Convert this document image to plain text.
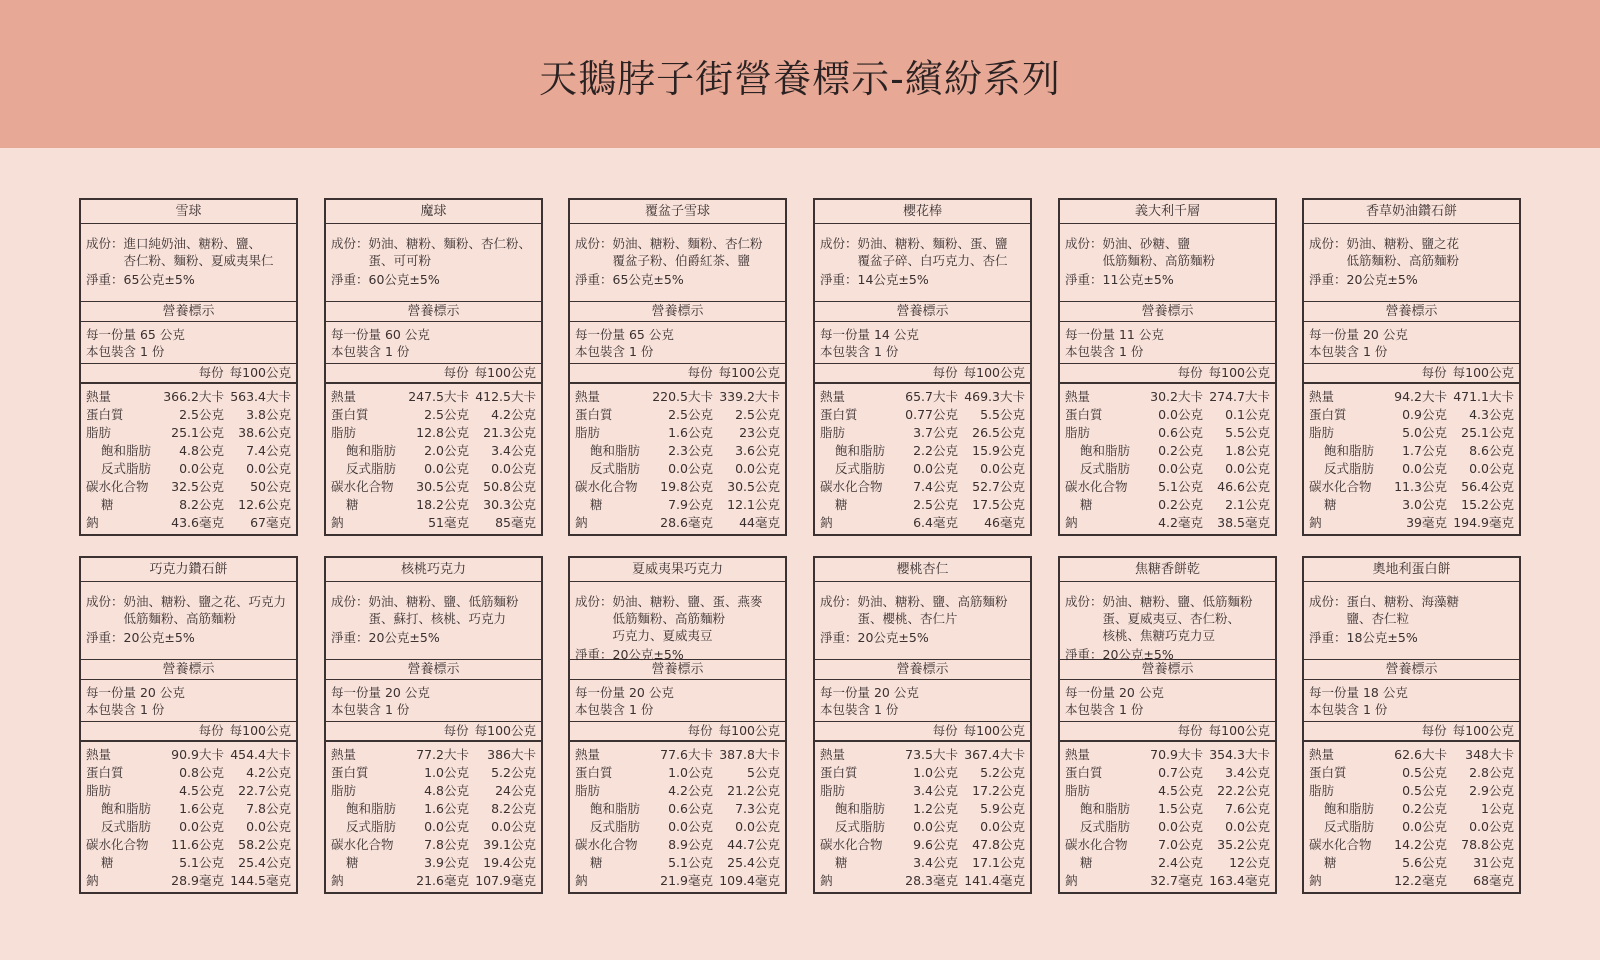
天鵝脖子街營養標示-繽紛系列
雪球
成份：進口純奶油、糖粉、鹽、
　　　杏仁粉、麵粉、夏威夷果仁
淨重：65公克±5%
營養標示
每一份量 65 公克
本包裝含 1 份
每份 每100公克
熱量	366.2大卡 563.4大卡
蛋白質	2.5公克	3.8公克
脂肪	25.1公克	38.6公克
飽和脂肪	4.8公克	7.4公克
反式脂肪	0.0公克	0.0公克
碳水化合物	32.5公克	50公克
糖	8.2公克	12.6公克
鈉	43.6毫克	67毫克
魔球
成份：奶油、糖粉、麵粉、杏仁粉、
　　　蛋、可可粉
淨重：60公克±5%
營養標示
每一份量 60 公克
本包裝含 1 份
每份 每100公克
熱量	247.5大卡 412.5大卡
蛋白質	2.5公克	4.2公克
脂肪	12.8公克	21.3公克
飽和脂肪	2.0公克	3.4公克
反式脂肪	0.0公克	0.0公克
碳水化合物	30.5公克	50.8公克
糖	18.2公克	30.3公克
鈉	51毫克	85毫克
覆盆子雪球
成份：奶油、糖粉、麵粉、杏仁粉
　　　覆盆子粉、伯爵紅茶、鹽
淨重：65公克±5%
營養標示
每一份量 65 公克
本包裝含 1 份
每份 每100公克
熱量	220.5大卡 339.2大卡
蛋白質	2.5公克	2.5公克
脂肪	1.6公克	23公克
飽和脂肪	2.3公克	3.6公克
反式脂肪	0.0公克	0.0公克
碳水化合物	19.8公克	30.5公克
糖	7.9公克	12.1公克
鈉	28.6毫克	44毫克
櫻花棒
成份：奶油、糖粉、麵粉、蛋、鹽
　　　覆盆子碎、白巧克力、杏仁
淨重：14公克±5%
營養標示
每一份量 14 公克
本包裝含 1 份
每份 每100公克
熱量	65.7大卡 469.3大卡
蛋白質	0.77公克	5.5公克
脂肪	3.7公克	26.5公克
飽和脂肪	2.2公克	15.9公克
反式脂肪	0.0公克	0.0公克
碳水化合物	7.4公克	52.7公克
糖	2.5公克	17.5公克
鈉	6.4毫克	46毫克
義大利千層
成份：奶油、砂糖、鹽
　　　低筋麵粉、高筋麵粉
淨重：11公克±5%
營養標示
每一份量 11 公克
本包裝含 1 份
每份 每100公克
熱量	30.2大卡 274.7大卡
蛋白質	0.0公克	0.1公克
脂肪	0.6公克	5.5公克
飽和脂肪	0.2公克	1.8公克
反式脂肪	0.0公克	0.0公克
碳水化合物	5.1公克	46.6公克
糖	0.2公克	2.1公克
鈉	4.2毫克	38.5毫克
香草奶油鑽石餅
成份：奶油、糖粉、鹽之花
　　　低筋麵粉、高筋麵粉
淨重：20公克±5%
營養標示
每一份量 20 公克
本包裝含 1 份
每份 每100公克
熱量	94.2大卡 471.1大卡
蛋白質	0.9公克	4.3公克
脂肪	5.0公克	25.1公克
飽和脂肪	1.7公克	8.6公克
反式脂肪	0.0公克	0.0公克
碳水化合物	11.3公克	56.4公克
糖	3.0公克	15.2公克
鈉	39毫克 194.9毫克
巧克力鑽石餅
成份：奶油、糖粉、鹽之花、巧克力
　　　低筋麵粉、高筋麵粉
淨重：20公克±5%
營養標示
每一份量 20 公克
本包裝含 1 份
每份 每100公克
熱量	90.9大卡 454.4大卡
蛋白質	0.8公克	4.2公克
脂肪	4.5公克	22.7公克
飽和脂肪	1.6公克	7.8公克
反式脂肪	0.0公克	0.0公克
碳水化合物	11.6公克	58.2公克
糖	5.1公克	25.4公克
鈉	28.9毫克 144.5毫克
核桃巧克力
成份：奶油、糖粉、鹽、低筋麵粉
　　　蛋、蘇打、核桃、巧克力
淨重：20公克±5%
營養標示
每一份量 20 公克
本包裝含 1 份
每份 每100公克
熱量	77.2大卡	386大卡
蛋白質	1.0公克	5.2公克
脂肪	4.8公克	24公克
飽和脂肪	1.6公克	8.2公克
反式脂肪	0.0公克	0.0公克
碳水化合物	7.8公克	39.1公克
糖	3.9公克	19.4公克
鈉	21.6毫克 107.9毫克
夏威夷果巧克力
成份：奶油、糖粉、鹽、蛋、燕麥
　　　低筋麵粉、高筋麵粉
　　　巧克力、夏威夷豆
淨重：20公克±5%
營養標示
每一份量 20 公克
本包裝含 1 份
每份 每100公克
熱量	77.6大卡 387.8大卡
蛋白質	1.0公克	5公克
脂肪	4.2公克	21.2公克
飽和脂肪	0.6公克	7.3公克
反式脂肪	0.0公克	0.0公克
碳水化合物	8.9公克	44.7公克
糖	5.1公克	25.4公克
鈉	21.9毫克 109.4毫克
櫻桃杏仁
成份：奶油、糖粉、鹽、高筋麵粉
　　　蛋、櫻桃、杏仁片
淨重：20公克±5%
營養標示
每一份量 20 公克
本包裝含 1 份
每份 每100公克
熱量	73.5大卡 367.4大卡
蛋白質	1.0公克	5.2公克
脂肪	3.4公克	17.2公克
飽和脂肪	1.2公克	5.9公克
反式脂肪	0.0公克	0.0公克
碳水化合物	9.6公克	47.8公克
糖	3.4公克	17.1公克
鈉	28.3毫克 141.4毫克
焦糖香餅乾
成份：奶油、糖粉、鹽、低筋麵粉
　　　蛋、夏威夷豆、杏仁粉、
　　　核桃、焦糖巧克力豆
淨重：20公克±5%
營養標示
每一份量 20 公克
本包裝含 1 份
每份 每100公克
熱量	70.9大卡 354.3大卡
蛋白質	0.7公克	3.4公克
脂肪	4.5公克	22.2公克
飽和脂肪	1.5公克	7.6公克
反式脂肪	0.0公克	0.0公克
碳水化合物	7.0公克	35.2公克
糖	2.4公克	12公克
鈉	32.7毫克 163.4毫克
奧地利蛋白餅
成份：蛋白、糖粉、海藻糖
　　　鹽、杏仁粒
淨重：18公克±5%
營養標示
每一份量 18 公克
本包裝含 1 份
每份 每100公克
熱量	62.6大卡	348大卡
蛋白質	0.5公克	2.8公克
脂肪	0.5公克	2.9公克
飽和脂肪	0.2公克	1公克
反式脂肪	0.0公克	0.0公克
碳水化合物	14.2公克	78.8公克
糖	5.6公克	31公克
鈉	12.2毫克	68毫克
